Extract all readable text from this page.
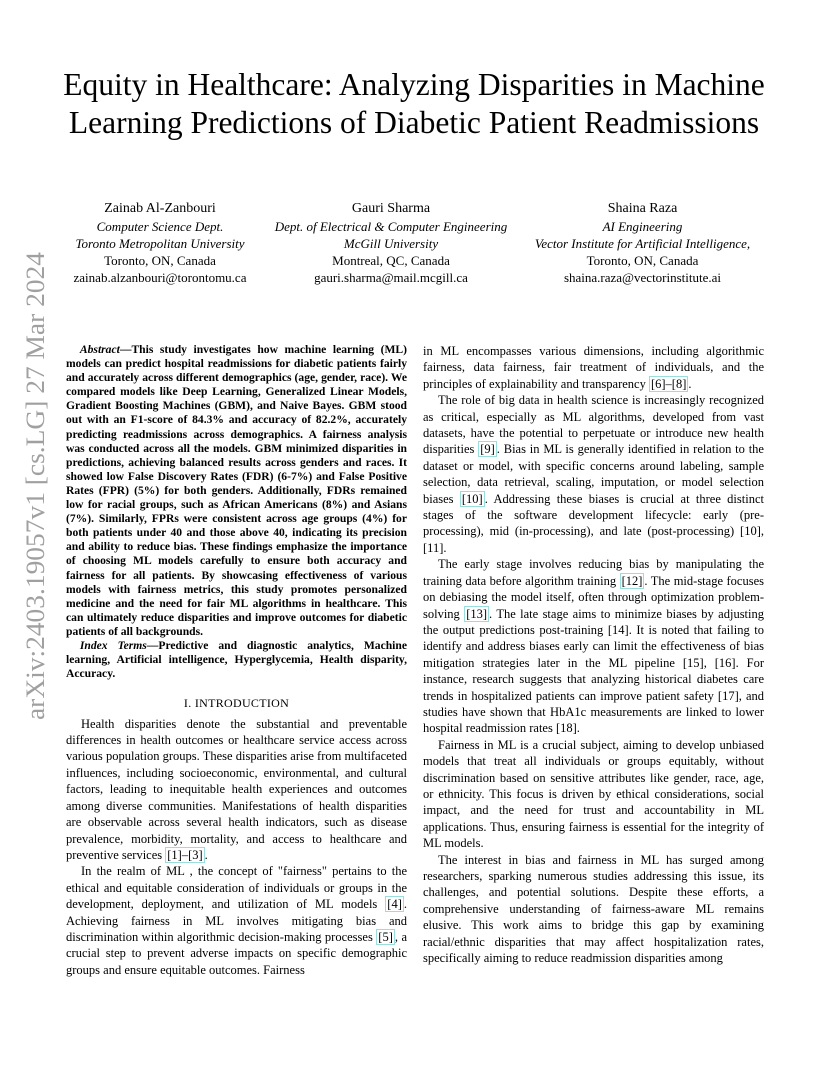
arXiv:2403.19057v1 [cs.LG] 27 Mar 2024
Equity in Healthcare: Analyzing Disparities in Machine Learning Predictions of Diabetic Patient Readmissions
Zainab Al-Zanbouri
Computer Science Dept.
Toronto Metropolitan University
Toronto, ON, Canada
zainab.alzanbouri@torontomu.ca
Gauri Sharma
Dept. of Electrical & Computer Engineering
McGill University
Montreal, QC, Canada
gauri.sharma@mail.mcgill.ca
Shaina Raza
AI Engineering
Vector Institute for Artificial Intelligence,
Toronto, ON, Canada
shaina.raza@vectorinstitute.ai

Abstract—This study investigates how machine learning (ML) models can predict hospital readmissions for diabetic patients fairly and accurately across different demographics (age, gender, race). We compared models like Deep Learning, Generalized Linear Models, Gradient Boosting Machines (GBM), and Naive Bayes. GBM stood out with an F1-score of 84.3% and accuracy of 82.2%, accurately predicting readmissions across demographics. A fairness analysis was conducted across all the models. GBM minimized disparities in predictions, achieving balanced results across genders and races. It showed low False Discovery Rates (FDR) (6-7%) and False Positive Rates (FPR) (5%) for both genders. Additionally, FDRs remained low for racial groups, such as African Americans (8%) and Asians (7%). Similarly, FPRs were consistent across age groups (4%) for both patients under 40 and those above 40, indicating its precision and ability to reduce bias. These findings emphasize the importance of choosing ML models carefully to ensure both accuracy and fairness for all patients. By showcasing effectiveness of various models with fairness metrics, this study promotes personalized medicine and the need for fair ML algorithms in healthcare. This can ultimately reduce disparities and improve outcomes for diabetic patients of all backgrounds.

Index Terms—Predictive and diagnostic analytics, Machine learning, Artificial intelligence, Hyperglycemia, Health disparity, Accuracy.

I. INTRODUCTION

Health disparities denote the substantial and preventable differences in health outcomes or healthcare service access across various population groups. These disparities arise from multifaceted influences, including socioeconomic, environmental, and cultural factors, leading to inequitable health experiences and outcomes among diverse communities. Manifestations of health disparities are observable across several health indicators, such as disease prevalence, morbidity, mortality, and access to healthcare and preventive services [1]–[3] .

In the realm of ML , the concept of "fairness" pertains to the ethical and equitable consideration of individuals or groups in the development, deployment, and utilization of ML models [4] . Achieving fairness in ML involves mitigating bias and discrimination within algorithmic decision-making processes [5] , a crucial step to prevent adverse impacts on specific demographic groups and ensure equitable outcomes. Fairness

in ML encompasses various dimensions, including algorithmic fairness, data fairness, fair treatment of individuals, and the principles of explainability and transparency [6]–[8] .

The role of big data in health science is increasingly recognized as critical, especially as ML algorithms, developed from vast datasets, have the potential to perpetuate or introduce new health disparities [9] . Bias in ML is generally identified in relation to the dataset or model, with specific concerns around labeling, sample selection, data retrieval, scaling, imputation, or model selection biases [10] . Addressing these biases is crucial at three distinct stages of the software development lifecycle: early (pre-processing), mid (in-processing), and late (post-processing) [10], [11].

The early stage involves reducing bias by manipulating the training data before algorithm training [12] . The mid-stage focuses on debiasing the model itself, often through optimization problem-solving [13] . The late stage aims to minimize biases by adjusting the output predictions post-training [14]. It is noted that failing to identify and address biases early can limit the effectiveness of bias mitigation strategies later in the ML pipeline [15], [16]. For instance, research suggests that analyzing historical diabetes care trends in hospitalized patients can improve patient safety [17], and studies have shown that HbA1c measurements are linked to lower hospital readmission rates [18].

Fairness in ML is a crucial subject, aiming to develop unbiased models that treat all individuals or groups equitably, without discrimination based on sensitive attributes like gender, race, age, or ethnicity. This focus is driven by ethical considerations, social impact, and the need for trust and accountability in ML applications. Thus, ensuring fairness is essential for the integrity of ML models.

The interest in bias and fairness in ML has surged among researchers, sparking numerous studies addressing this issue, its challenges, and potential solutions. Despite these efforts, a comprehensive understanding of fairness-aware ML remains elusive. This work aims to bridge this gap by examining racial/ethnic disparities that may affect hospitalization rates, specifically aiming to reduce readmission disparities among
